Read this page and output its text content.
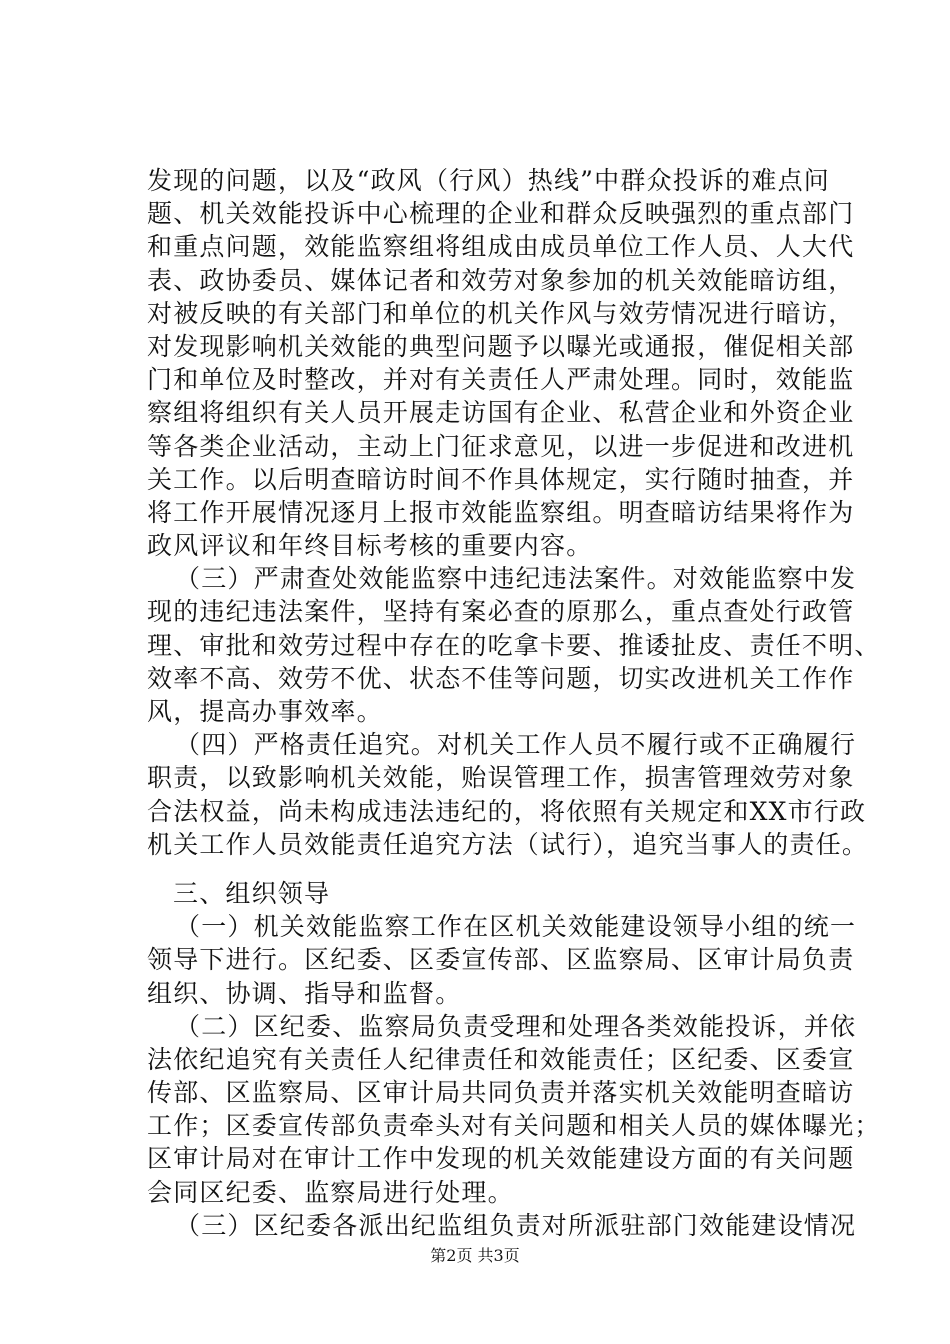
发现的问题，以及“政风（行风）热线”中群众投诉的难点问
题、机关效能投诉中心梳理的企业和群众反映强烈的重点部门
和重点问题，效能监察组将组成由成员单位工作人员、人大代
表、政协委员、媒体记者和效劳对象参加的机关效能暗访组，
对被反映的有关部门和单位的机关作风与效劳情况进行暗访，
对发现影响机关效能的典型问题予以曝光或通报，催促相关部
门和单位及时整改，并对有关责任人严肃处理。同时，效能监
察组将组织有关人员开展走访国有企业、私营企业和外资企业
等各类企业活动，主动上门征求意见，以进一步促进和改进机
关工作。以后明查暗访时间不作具体规定，实行随时抽查，并
将工作开展情况逐月上报市效能监察组。明查暗访结果将作为
政风评议和年终目标考核的重要内容。
（三）严肃查处效能监察中违纪违法案件。对效能监察中发
现的违纪违法案件，坚持有案必查的原那么，重点查处行政管
理、审批和效劳过程中存在的吃拿卡要、推诿扯皮、责任不明、
效率不高、效劳不优、状态不佳等问题，切实改进机关工作作
风，提高办事效率。
（四）严格责任追究。对机关工作人员不履行或不正确履行
职责，以致影响机关效能，贻误管理工作，损害管理效劳对象
合法权益，尚未构成违法违纪的，将依照有关规定和XX市行政
机关工作人员效能责任追究方法（试行），追究当事人的责任。
三、组织领导
（一）机关效能监察工作在区机关效能建设领导小组的统一
领导下进行。区纪委、区委宣传部、区监察局、区审计局负责
组织、协调、指导和监督。
（二）区纪委、监察局负责受理和处理各类效能投诉，并依
法依纪追究有关责任人纪律责任和效能责任；区纪委、区委宣
传部、区监察局、区审计局共同负责并落实机关效能明查暗访
工作；区委宣传部负责牵头对有关问题和相关人员的媒体曝光；
区审计局对在审计工作中发现的机关效能建设方面的有关问题
会同区纪委、监察局进行处理。
（三）区纪委各派出纪监组负责对所派驻部门效能建设情况
第2页 共3页
